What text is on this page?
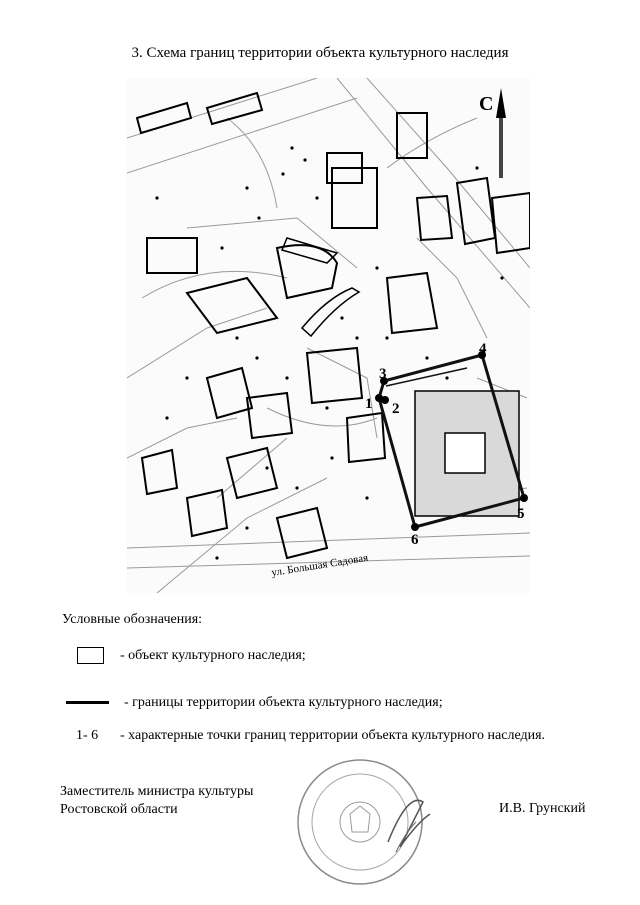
3. Схема границ территории объекта культурного наследия
1 2
3
4
5
6
С
ул. Большая Садовая
Условные обозначения:
- объект культурного наследия;
- границы территории объекта культурного наследия;
1- 6 - характерные точки границ территории объекта культурного наследия.
Заместитель министра культуры
Ростовской области	И.В. Грунский
